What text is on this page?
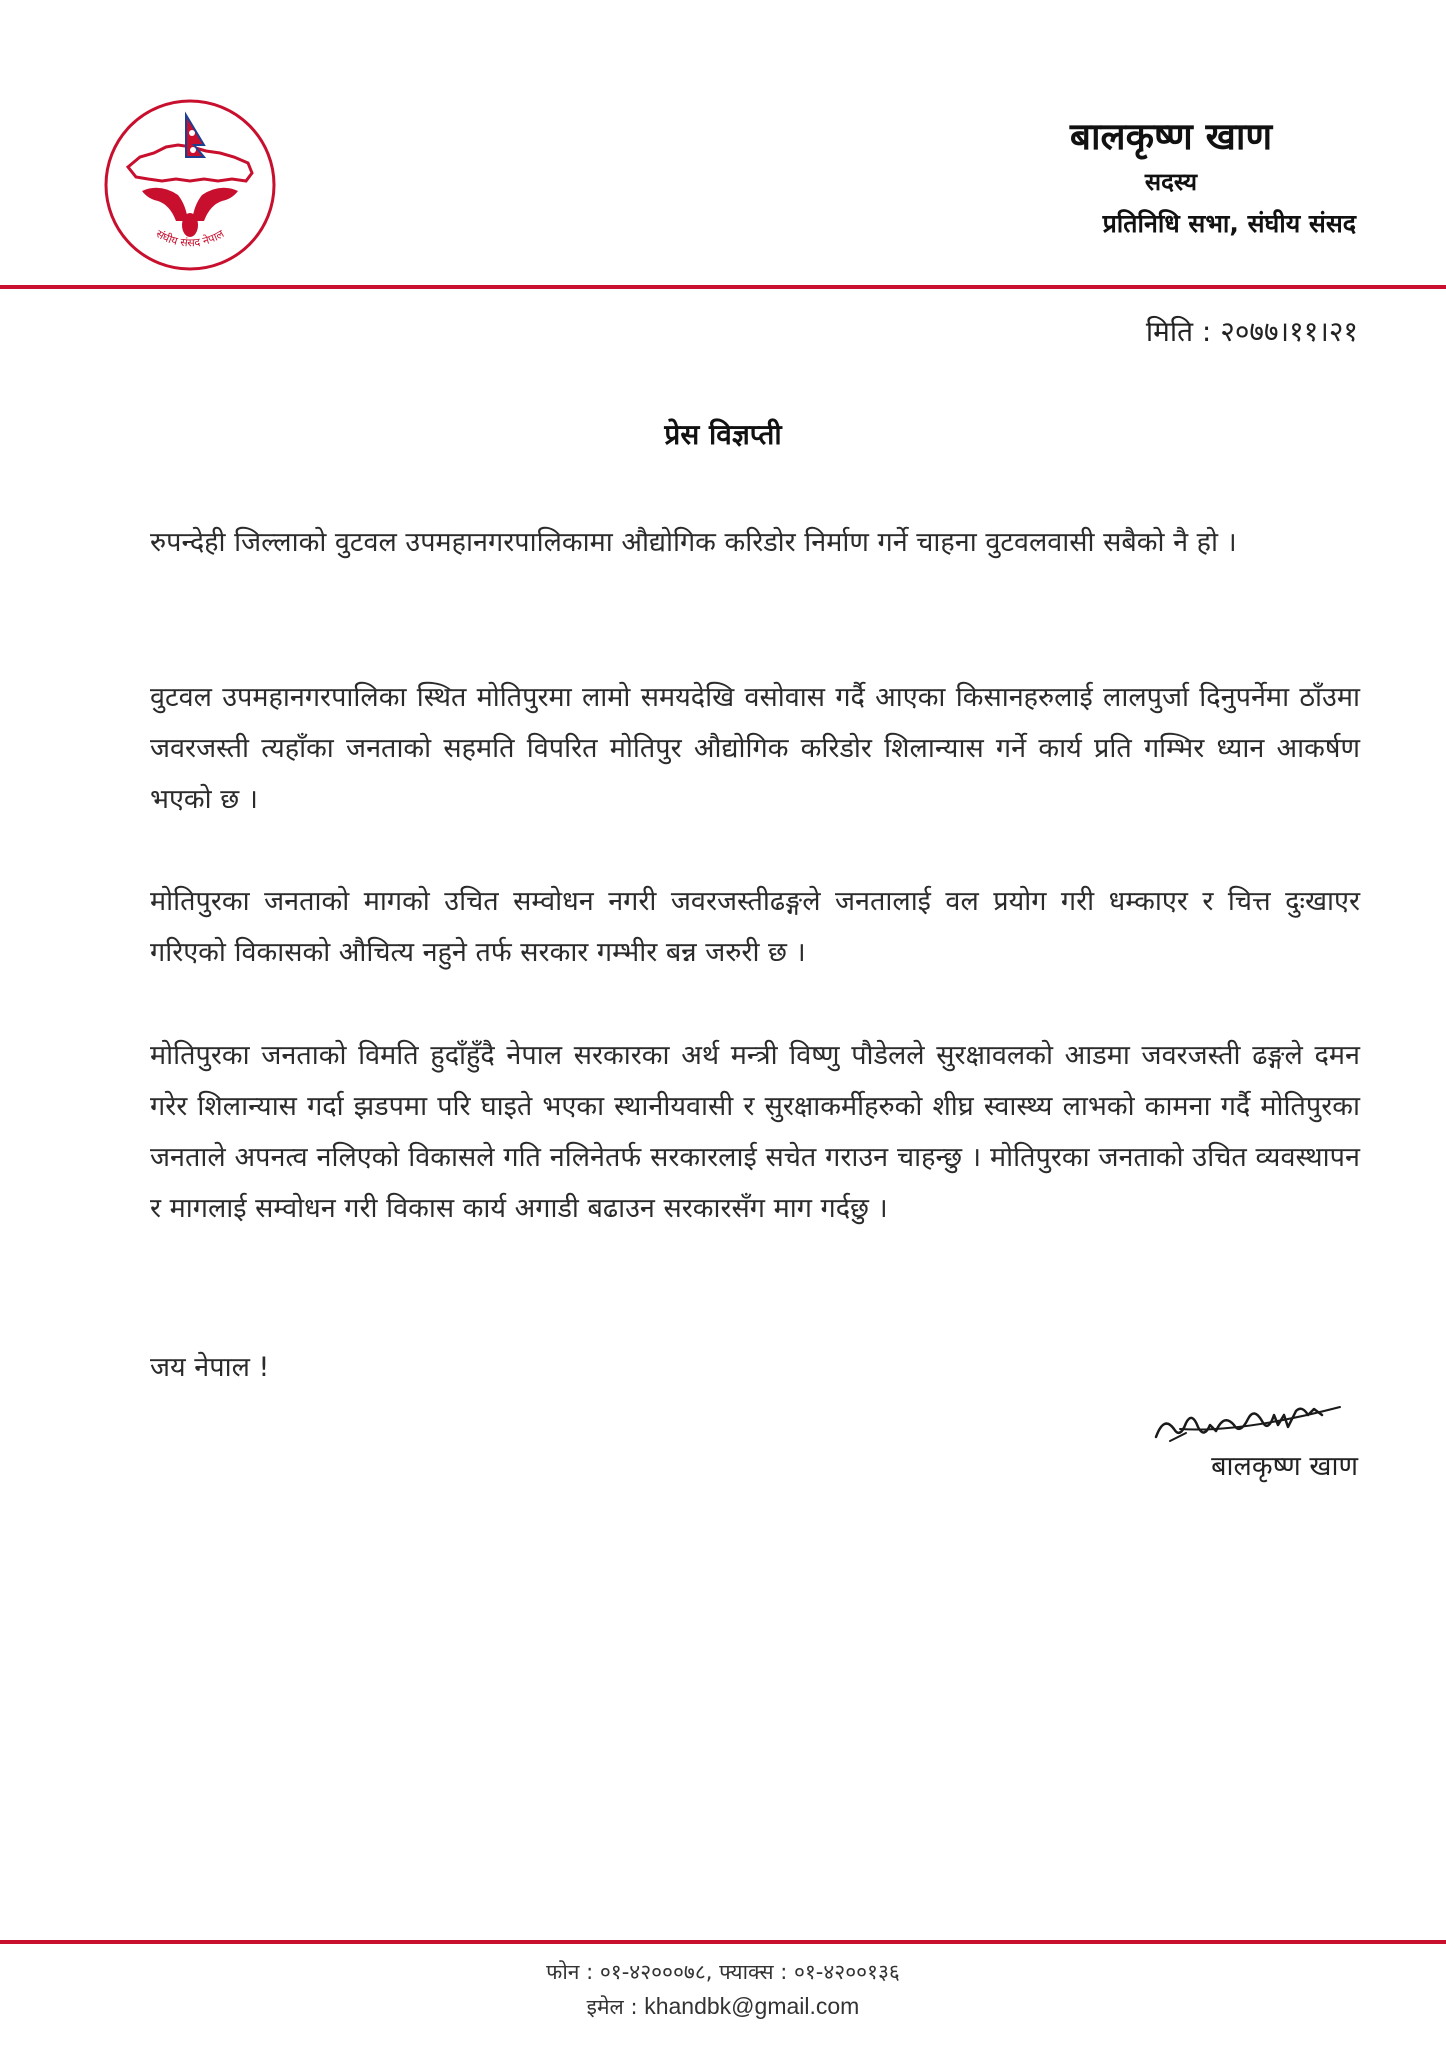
संघीय संसद नेपाल
बालकृष्ण खाण
सदस्य
प्रतिनिधि सभा, संघीय संसद
मिति : २०७७।११।२१
प्रेस विज्ञप्ती
रुपन्देही जिल्लाको वुटवल उपमहानगरपालिकामा औद्योगिक करिडोर निर्माण गर्ने चाहना वुटवलवासी सबैको नै हो ।
वुटवल उपमहानगरपालिका स्थित मोतिपुरमा लामो समयदेखि वसोवास गर्दै आएका किसानहरुलाई लालपुर्जा दिनुपर्नेमा ठाँउमा जवरजस्ती त्यहाँका जनताको सहमति विपरित मोतिपुर औद्योगिक करिडोर शिलान्यास गर्ने कार्य प्रति गम्भिर ध्यान आकर्षण भएको छ ।
मोतिपुरका जनताको मागको उचित सम्वोधन नगरी जवरजस्तीढङ्गले जनतालाई वल प्रयोग गरी धम्काएर र चित्त दुःखाएर गरिएको विकासको औचित्य नहुने तर्फ सरकार गम्भीर बन्न जरुरी छ ।
मोतिपुरका जनताको विमति हुदाँहुँदै नेपाल सरकारका अर्थ मन्त्री विष्णु पौडेलले सुरक्षावलको आडमा जवरजस्ती ढङ्गले दमन गरेर शिलान्यास गर्दा झडपमा परि घाइते भएका स्थानीयवासी र सुरक्षाकर्मीहरुको शीघ्र स्वास्थ्य लाभको कामना गर्दै मोतिपुरका जनताले अपनत्व नलिएको विकासले गति नलिनेतर्फ सरकारलाई सचेत गराउन चाहन्छु । मोतिपुरका जनताको उचित व्यवस्थापन र मागलाई सम्वोधन गरी विकास कार्य अगाडी बढाउन सरकारसँग माग गर्दछु ।
जय नेपाल !
बालकृष्ण खाण
फोन : ०१-४२०००७८, फ्याक्स : ०१-४२००१३६
इमेल : khandbk@gmail.com
